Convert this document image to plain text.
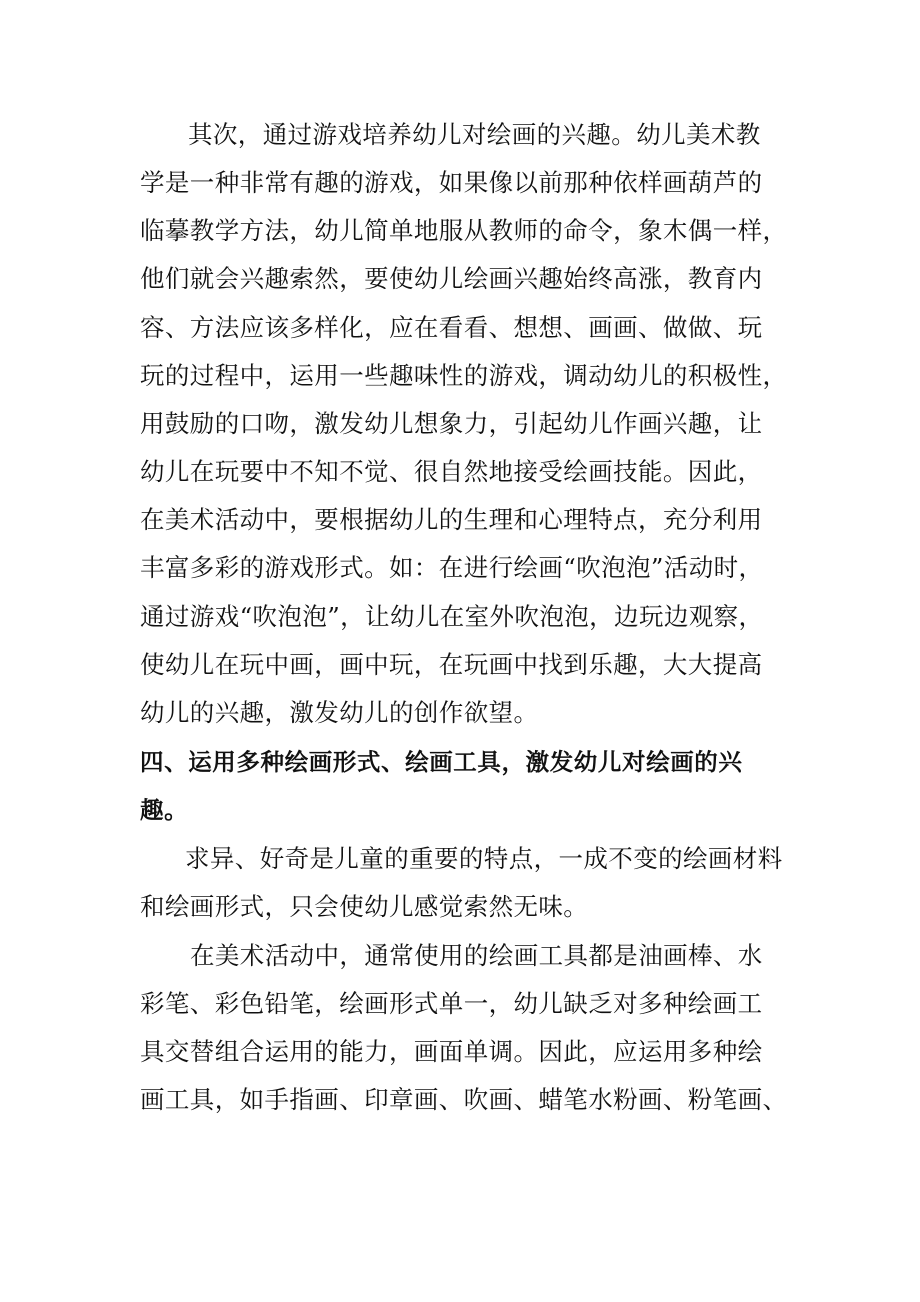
其次，通过游戏培养幼儿对绘画的兴趣。幼儿美术教
学是一种非常有趣的游戏，如果像以前那种依样画葫芦的
临摹教学方法，幼儿简单地服从教师的命令，象木偶一样，
他们就会兴趣索然，要使幼儿绘画兴趣始终高涨，教育内
容、方法应该多样化，应在看看、想想、画画、做做、玩
玩的过程中，运用一些趣味性的游戏，调动幼儿的积极性，
用鼓励的口吻，激发幼儿想象力，引起幼儿作画兴趣，让
幼儿在玩要中不知不觉、很自然地接受绘画技能。因此，
在美术活动中，要根据幼儿的生理和心理特点，充分利用
丰富多彩的游戏形式。如：在进行绘画“吹泡泡”活动时，
通过游戏“吹泡泡”，让幼儿在室外吹泡泡，边玩边观察，
使幼儿在玩中画，画中玩，在玩画中找到乐趣，大大提高
幼儿的兴趣，激发幼儿的创作欲望。
四、运用多种绘画形式、绘画工具，激发幼儿对绘画的兴
趣。
求异、好奇是儿童的重要的特点，一成不变的绘画材料
和绘画形式，只会使幼儿感觉索然无味。
在美术活动中，通常使用的绘画工具都是油画棒、水
彩笔、彩色铅笔，绘画形式单一，幼儿缺乏对多种绘画工
具交替组合运用的能力，画面单调。因此，应运用多种绘
画工具，如手指画、印章画、吹画、蜡笔水粉画、粉笔画、
